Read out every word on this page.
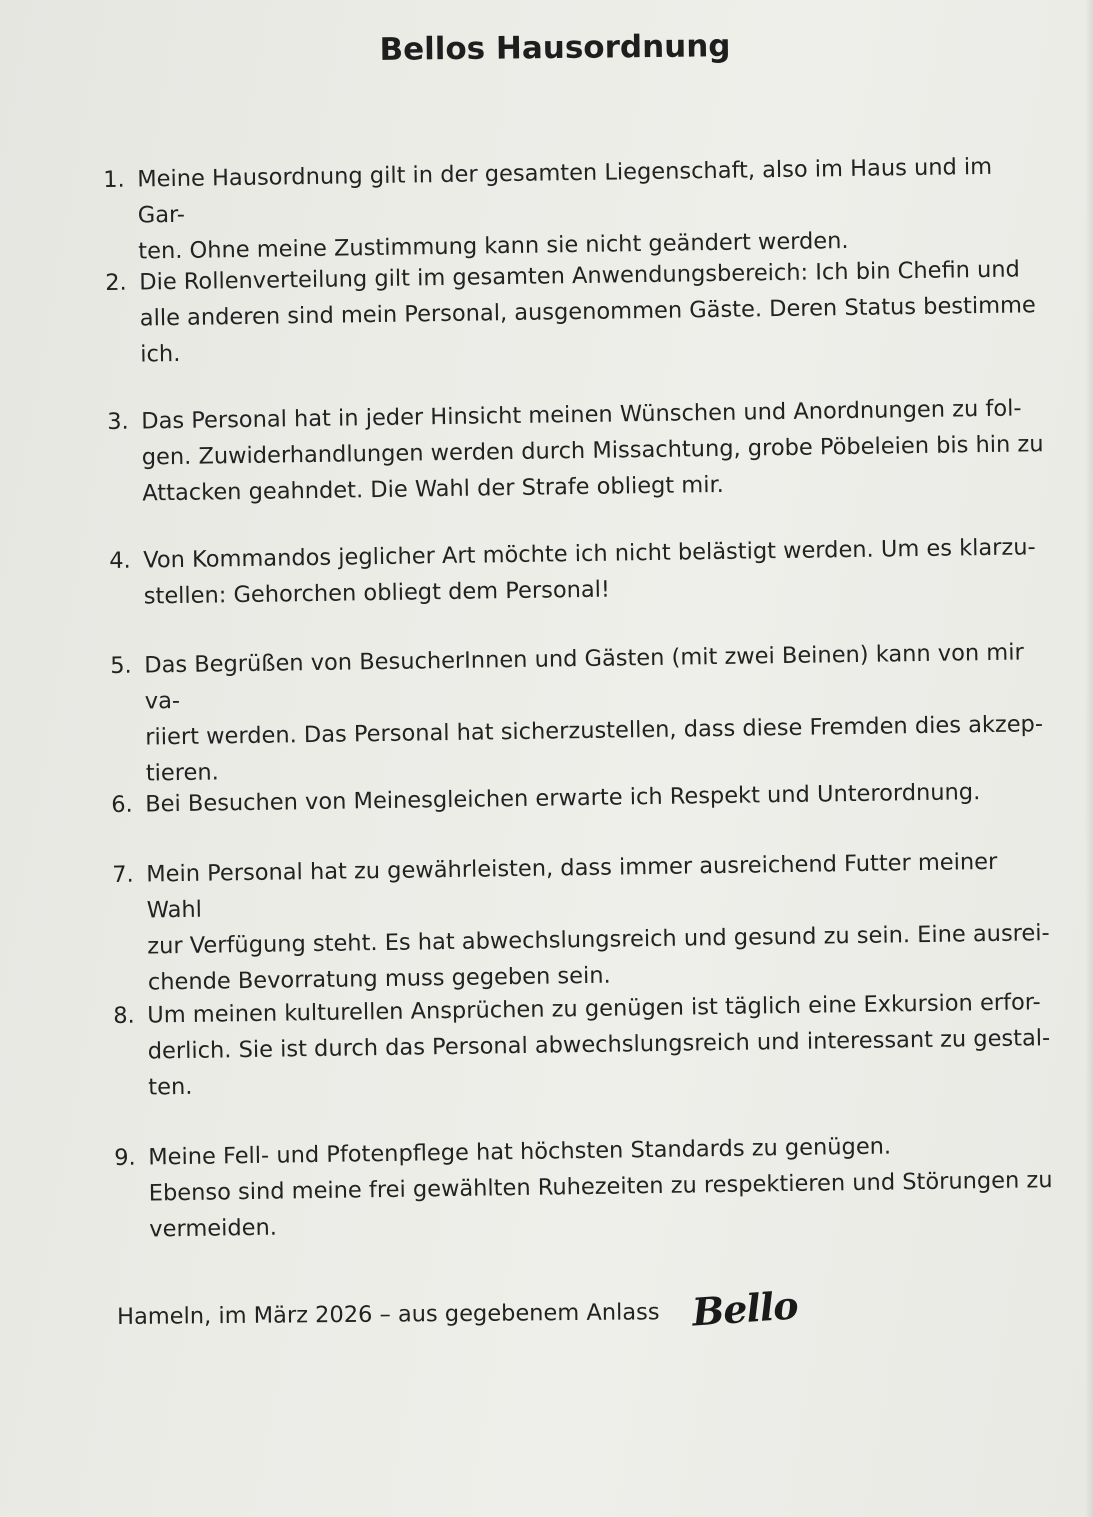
Bellos Hausordnung
1. Meine Hausordnung gilt in der gesamten Liegenschaft, also im Haus und im Gar-
ten. Ohne meine Zustimmung kann sie nicht geändert werden.
2. Die Rollenverteilung gilt im gesamten Anwendungsbereich: Ich bin Chefin und
alle anderen sind mein Personal, ausgenommen Gäste. Deren Status bestimme
ich.
3. Das Personal hat in jeder Hinsicht meinen Wünschen und Anordnungen zu fol-
gen. Zuwiderhandlungen werden durch Missachtung, grobe Pöbeleien bis hin zu
Attacken geahndet. Die Wahl der Strafe obliegt mir.
4. Von Kommandos jeglicher Art möchte ich nicht belästigt werden. Um es klarzu-
stellen: Gehorchen obliegt dem Personal!
5. Das Begrüßen von BesucherInnen und Gästen (mit zwei Beinen) kann von mir va-
riiert werden. Das Personal hat sicherzustellen, dass diese Fremden dies akzep-
tieren.
6. Bei Besuchen von Meinesgleichen erwarte ich Respekt und Unterordnung.
7. Mein Personal hat zu gewährleisten, dass immer ausreichend Futter meiner Wahl
zur Verfügung steht. Es hat abwechslungsreich und gesund zu sein. Eine ausrei-
chende Bevorratung muss gegeben sein.
8. Um meinen kulturellen Ansprüchen zu genügen ist täglich eine Exkursion erfor-
derlich. Sie ist durch das Personal abwechslungsreich und interessant zu gestal-
ten.
9. Meine Fell- und Pfotenpflege hat höchsten Standards zu genügen.
Ebenso sind meine frei gewählten Ruhezeiten zu respektieren und Störungen zu
vermeiden.
Hameln, im März 2026 – aus gegebenem Anlass Bello
